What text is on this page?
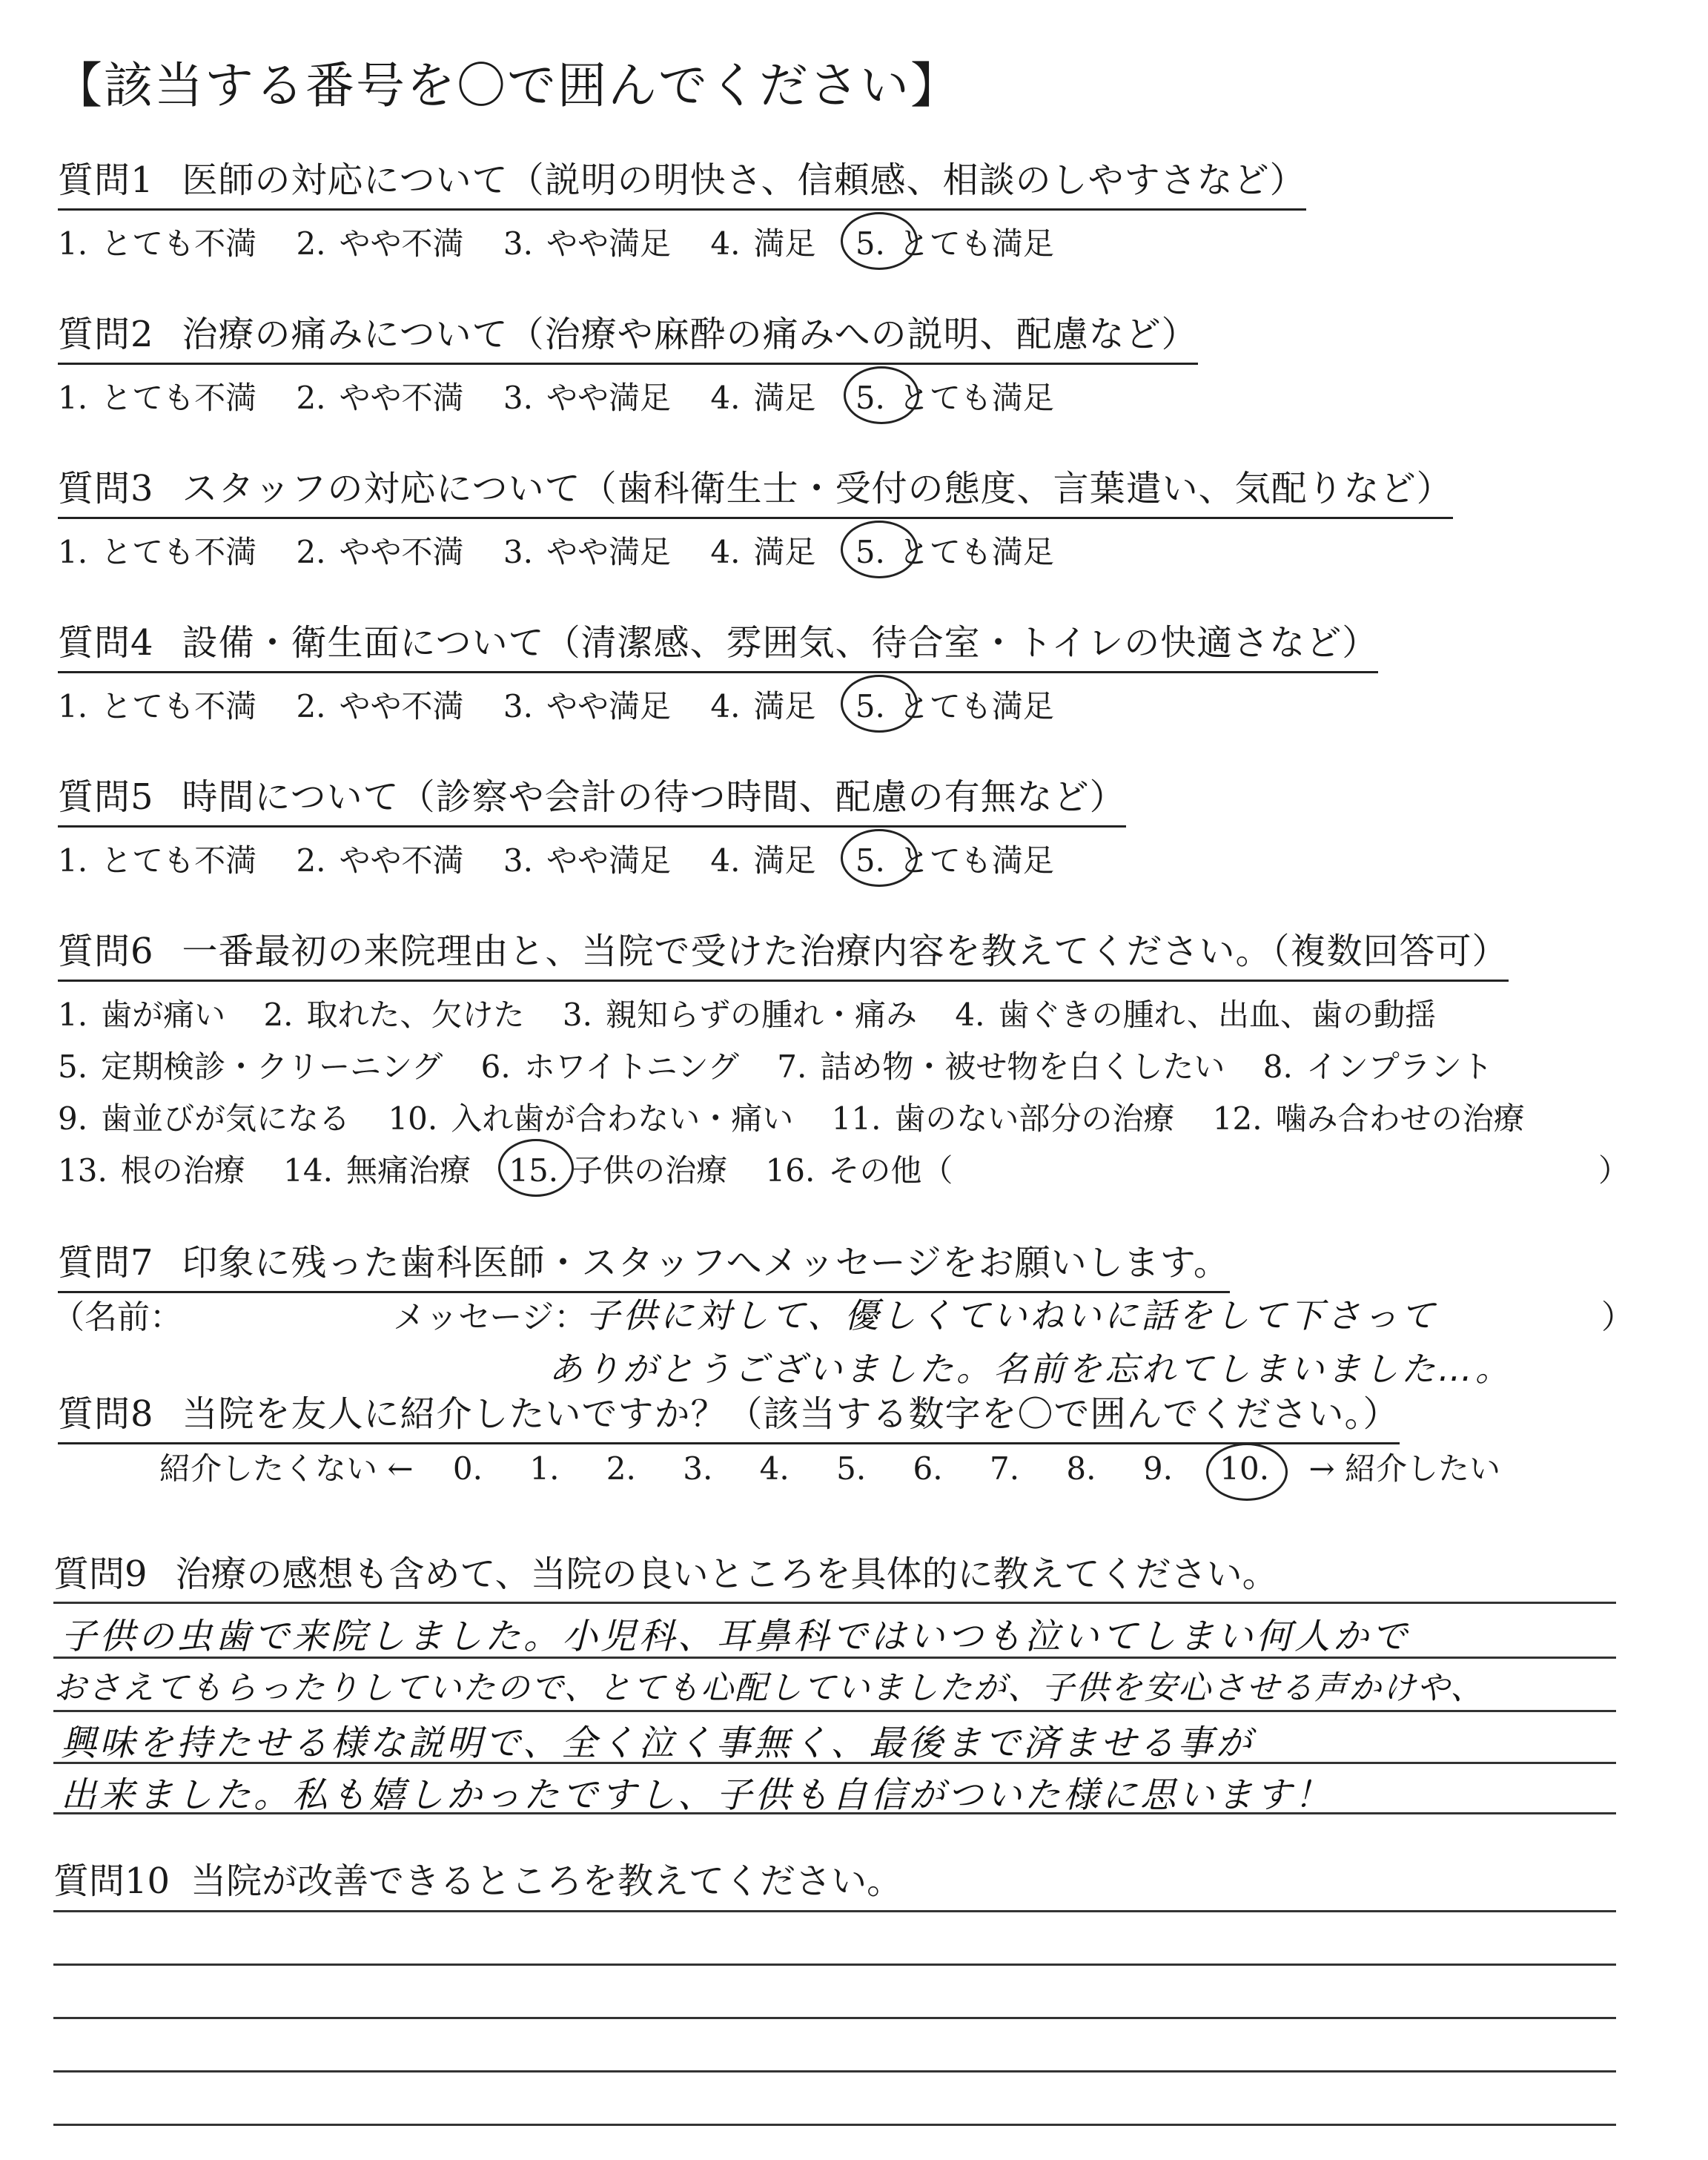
【該当する番号を〇で囲んでください】
質問1 医師の対応について（説明の明快さ、信頼感、相談のしやすさなど）
1. とても不満 2. やや不満 3. やや満足 4. 満足 5. とても満足
質問2 治療の痛みについて（治療や麻酔の痛みへの説明、配慮など）
1. とても不満 2. やや不満 3. やや満足 4. 満足 5. とても満足
質問3 スタッフの対応について（歯科衛生士・受付の態度、言葉遣い、気配りなど）
1. とても不満 2. やや不満 3. やや満足 4. 満足 5. とても満足
質問4 設備・衛生面について（清潔感、雰囲気、待合室・トイレの快適さなど）
1. とても不満 2. やや不満 3. やや満足 4. 満足 5. とても満足
質問5 時間について（診察や会計の待つ時間、配慮の有無など）
1. とても不満 2. やや不満 3. やや満足 4. 満足 5. とても満足
質問6 一番最初の来院理由と、当院で受けた治療内容を教えてください。（複数回答可）
1. 歯が痛い 2. 取れた、欠けた 3. 親知らずの腫れ・痛み 4. 歯ぐきの腫れ、出血、歯の動揺
5. 定期検診・クリーニング 6. ホワイトニング 7. 詰め物・被せ物を白くしたい 8. インプラント
9. 歯並びが気になる 10. 入れ歯が合わない・痛い 11. 歯のない部分の治療 12. 噛み合わせの治療
13. 根の治療 14. 無痛治療 15. 子供の治療 16. その他（	）
質問7 印象に残った歯科医師・スタッフへメッセージをお願いします。
（名前：	メッセージ：
子供に対して、優しくていねいに話をして下さって
ありがとうございました。名前を忘れてしまいました…。
）
質問8 当院を友人に紹介したいですか？（該当する数字を〇で囲んでください。）
紹介したくない ← 0. 1. 2. 3. 4. 5. 6. 7. 8. 9. 10. → 紹介したい
質問9 治療の感想も含めて、当院の良いところを具体的に教えてください。
子供の虫歯で来院しました。小児科、耳鼻科ではいつも泣いてしまい何人かで
おさえてもらったりしていたので、とても心配していましたが、子供を安心させる声かけや、
興味を持たせる様な説明で、全く泣く事無く、最後まで済ませる事が
出来ました。私も嬉しかったですし、子供も自信がついた様に思います！
質問10 当院が改善できるところを教えてください。
